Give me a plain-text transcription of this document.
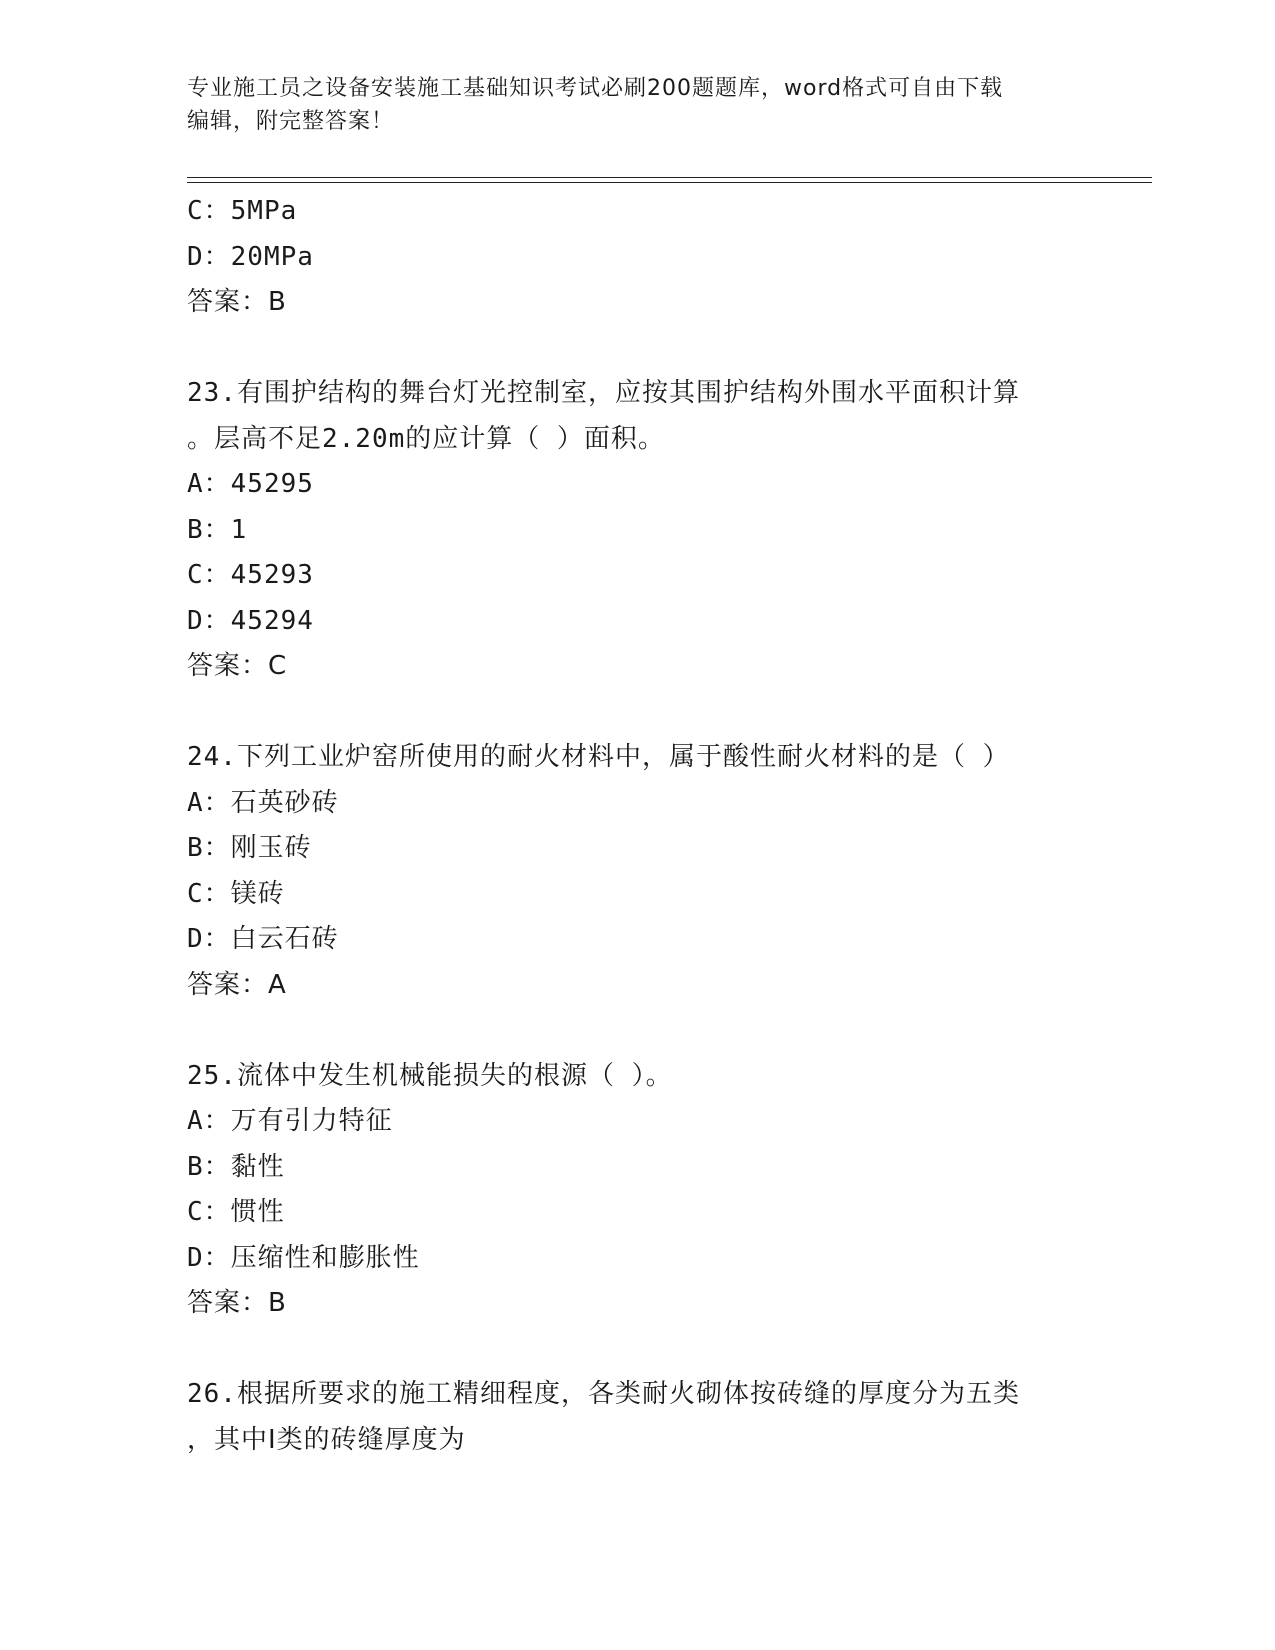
专业施工员之设备安装施工基础知识考试必刷200题题库，word格式可自由下载
编辑，附完整答案！
C：5MPa
D：20MPa
答案：B
23.有围护结构的舞台灯光控制室，应按其围护结构外围水平面积计算
。层高不足2.20m的应计算（ ）面积。
A：45295
B：1
C：45293
D：45294
答案：C
24.下列工业炉窑所使用的耐火材料中，属于酸性耐火材料的是（ ）
A：石英砂砖
B：刚玉砖
C：镁砖
D：白云石砖
答案：A
25.流体中发生机械能损失的根源（ ）。
A：万有引力特征
B：黏性
C：惯性
D：压缩性和膨胀性
答案：B
26.根据所要求的施工精细程度，各类耐火砌体按砖缝的厚度分为五类
，其中Ⅰ类的砖缝厚度为
